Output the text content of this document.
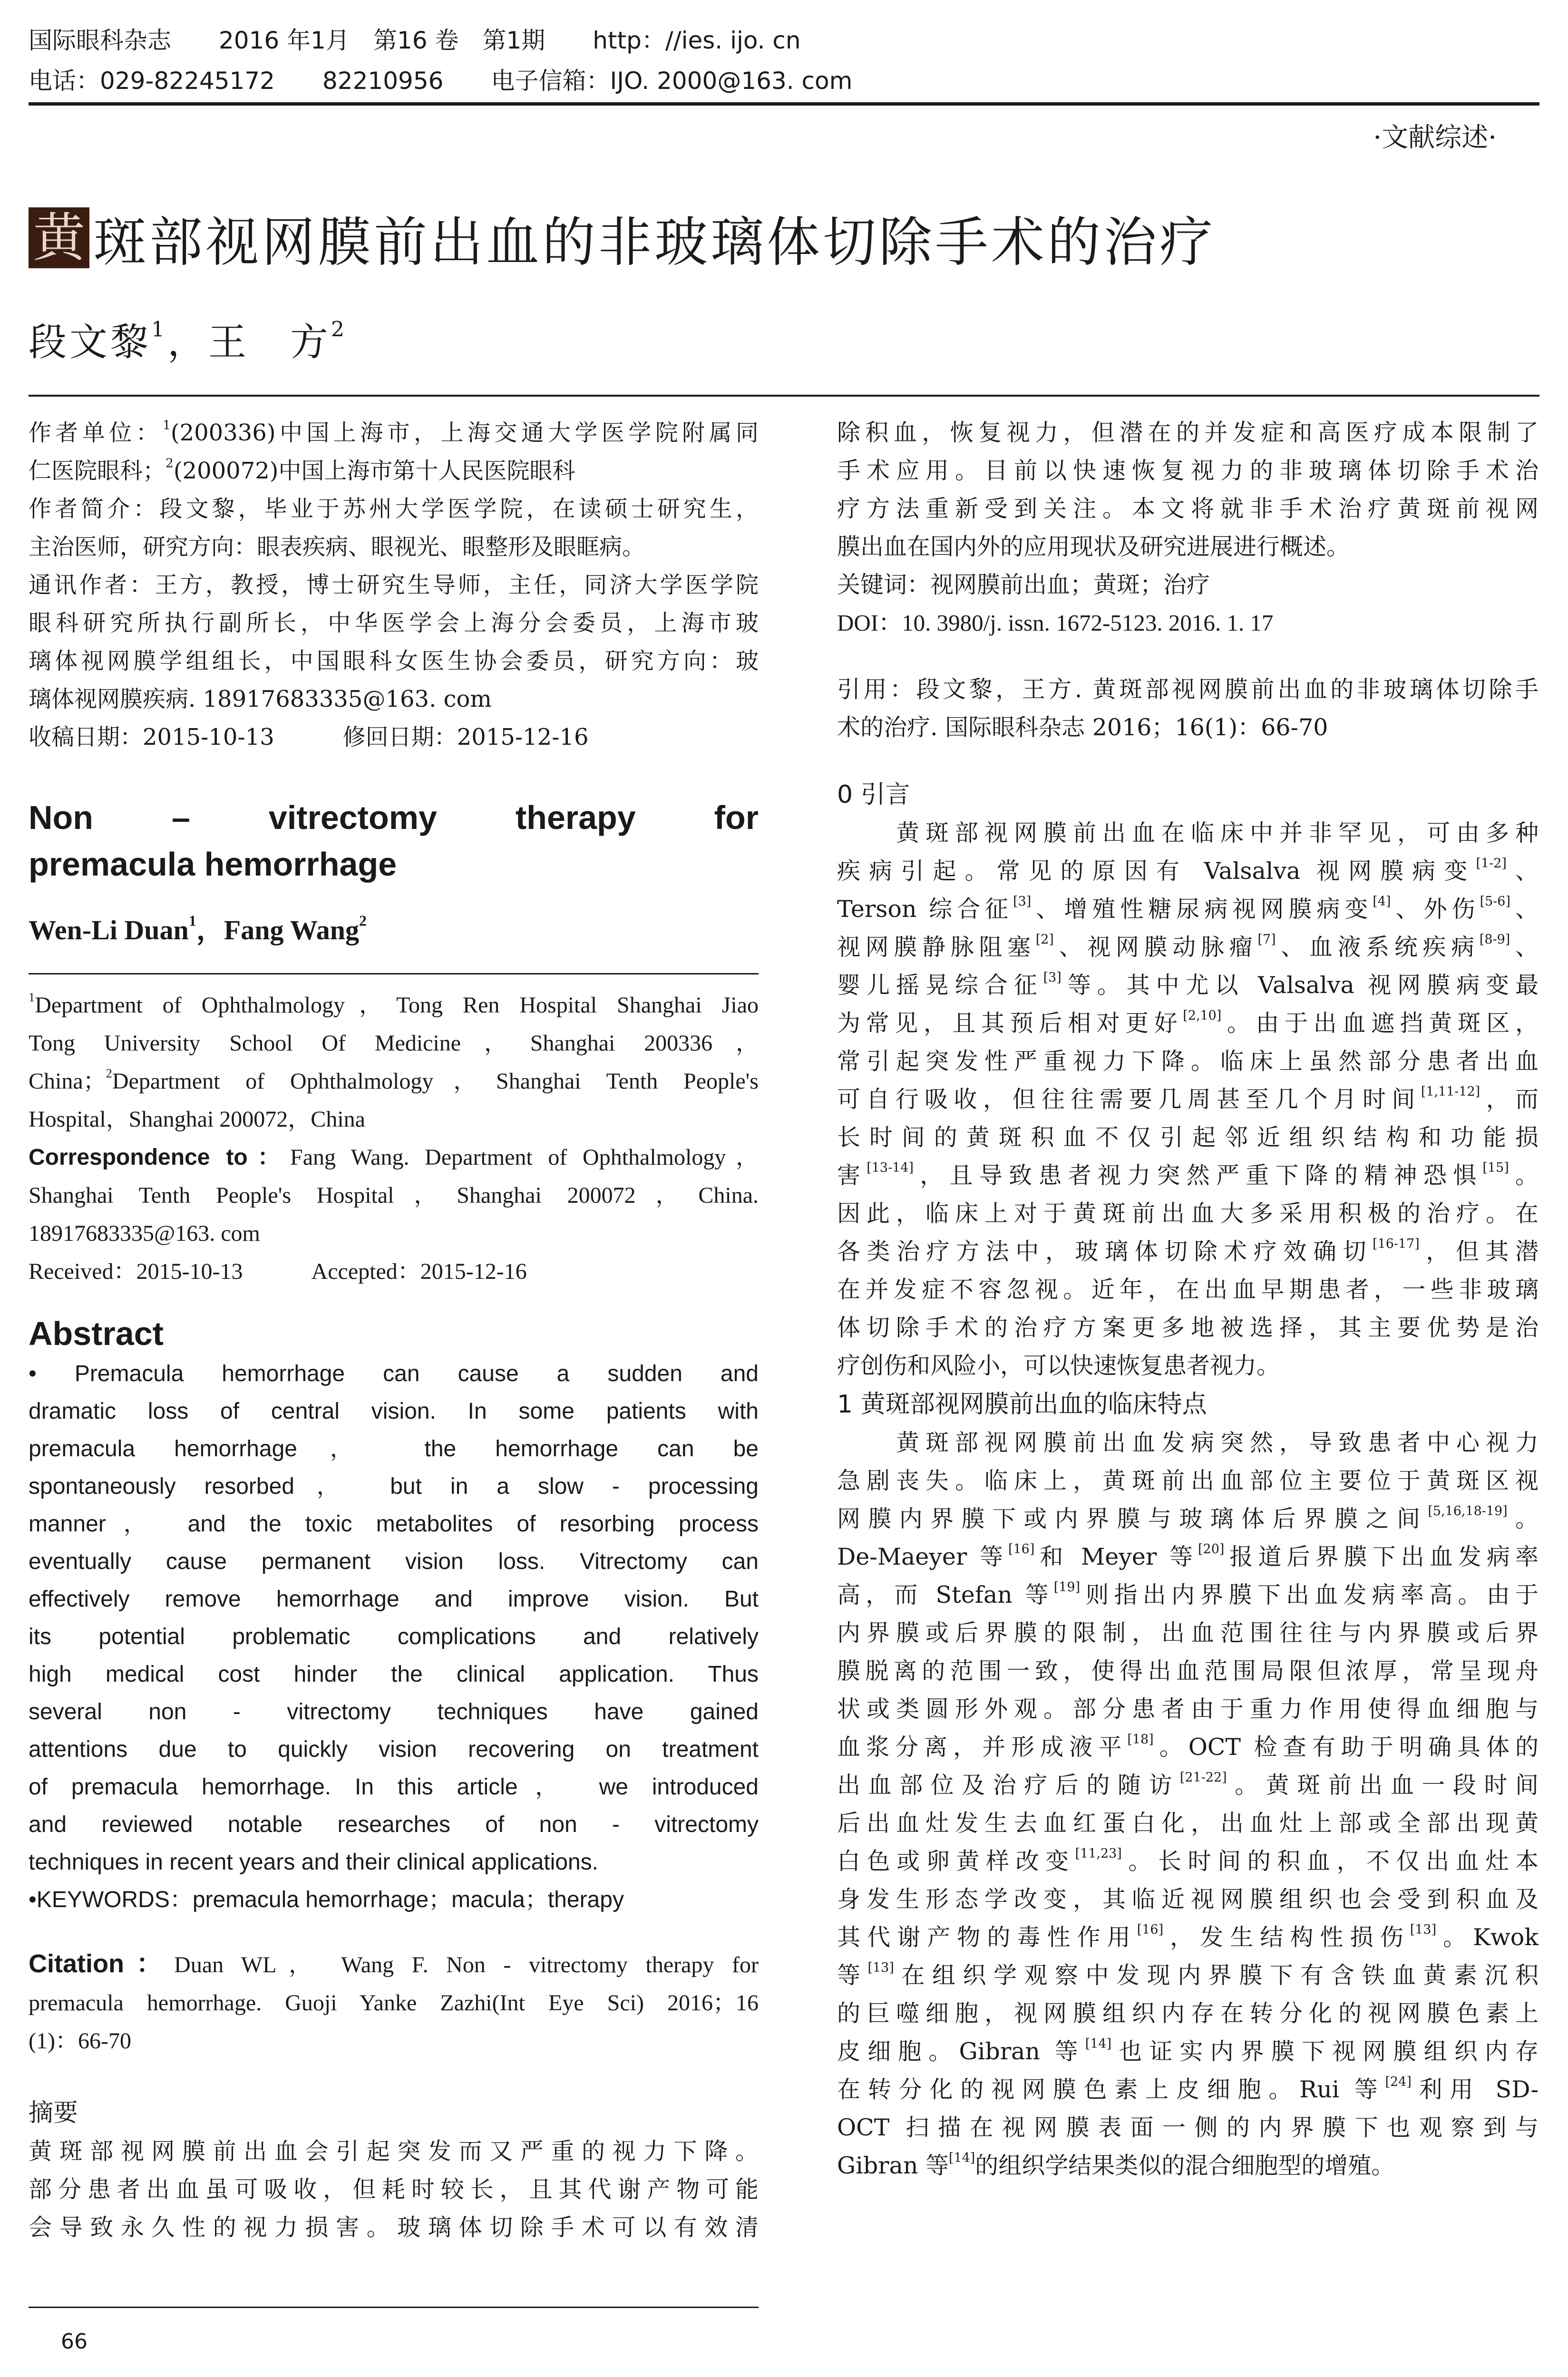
国际眼科杂志　　2016 年1月　第16 卷　第1期　　http：//ies. ijo. cn
电话：029-82245172　　82210956　　电子信箱：IJO. 2000@163. com
·文献综述·
黄 斑部视网膜前出血的非玻璃体切除手术的治疗
段文黎$^1$，王　方$^2$

作者单位：$^1$(200336)中国上海市，上海交通大学医学院附属同

仁医院眼科；$^2$(200072)中国上海市第十人民医院眼科

作者简介：段文黎，毕业于苏州大学医学院，在读硕士研究生，

主治医师，研究方向：眼表疾病、眼视光、眼整形及眼眶病。

通讯作者：王方，教授，博士研究生导师，主任，同济大学医学院

眼科研究所执行副所长，中华医学会上海分会委员，上海市玻

璃体视网膜学组组长，中国眼科女医生协会委员，研究方向：玻

璃体视网膜疾病. 18917683335@163. com

收稿日期：2015-10-13　　　修回日期：2015-12-16

Non　–　vitrectomy　therapy　for

premacula hemorrhage

Wen-Li Duan$^1$，Fang Wang$^2$

$^1$Department of Ophthalmology，Tong Ren Hospital Shanghai Jiao

Tong University School Of Medicine，Shanghai 200336，

China；$^2$Department of Ophthalmology，Shanghai Tenth People's

Hospital，Shanghai 200072，China

Correspondence to：Fang Wang. Department of Ophthalmology，

Shanghai Tenth People's Hospital，Shanghai 200072，China.

18917683335@163. com

Received：2015-10-13　　　Accepted：2015-12-16

Abstract

• Premacula hemorrhage can cause a sudden and

dramatic loss of central vision. In some patients with

premacula hemorrhage， the hemorrhage can be

spontaneously resorbed， but in a slow - processing

manner， and the toxic metabolites of resorbing process

eventually cause permanent vision loss. Vitrectomy can

effectively remove hemorrhage and improve vision. But

its potential problematic complications and relatively

high medical cost hinder the clinical application. Thus

several non - vitrectomy techniques have gained

attentions due to quickly vision recovering on treatment

of premacula hemorrhage. In this article， we introduced

and reviewed notable researches of non - vitrectomy

techniques in recent years and their clinical applications.

•KEYWORDS：premacula hemorrhage；macula；therapy

Citation：Duan WL， Wang F. Non - vitrectomy therapy for

premacula hemorrhage. Guoji Yanke Zazhi(Int Eye Sci) 2016；16

(1)：66-70

摘要

黄斑部视网膜前出血会引起突发而又严重的视力下降。

部分患者出血虽可吸收，但耗时较长，且其代谢产物可能

会导致永久性的视力损害。玻璃体切除手术可以有效清

除积血，恢复视力，但潜在的并发症和高医疗成本限制了

手术应用。目前以快速恢复视力的非玻璃体切除手术治

疗方法重新受到关注。本文将就非手术治疗黄斑前视网

膜出血在国内外的应用现状及研究进展进行概述。

关键词：视网膜前出血；黄斑；治疗

DOI：10. 3980/j. issn. 1672-5123. 2016. 1. 17

引用：段文黎，王方. 黄斑部视网膜前出血的非玻璃体切除手

术的治疗. 国际眼科杂志 2016；16(1)：66-70

0 引言

　　黄斑部视网膜前出血在临床中并非罕见，可由多种

疾病引起。常见的原因有 Valsalva 视网膜病变[1-2]、

Terson 综合征[3]、增殖性糖尿病视网膜病变[4]、外伤[5-6]、

视网膜静脉阻塞[2]、视网膜动脉瘤[7]、血液系统疾病[8-9]、

婴儿摇晃综合征[3]等。其中尤以 Valsalva 视网膜病变最

为常见，且其预后相对更好[2,10]。由于出血遮挡黄斑区，

常引起突发性严重视力下降。临床上虽然部分患者出血

可自行吸收，但往往需要几周甚至几个月时间[1,11-12]，而

长时间的黄斑积血不仅引起邻近组织结构和功能损

害[13-14]，且导致患者视力突然严重下降的精神恐惧[15]。

因此，临床上对于黄斑前出血大多采用积极的治疗。在

各类治疗方法中，玻璃体切除术疗效确切[16-17]，但其潜

在并发症不容忽视。近年，在出血早期患者，一些非玻璃

体切除手术的治疗方案更多地被选择，其主要优势是治

疗创伤和风险小，可以快速恢复患者视力。

1 黄斑部视网膜前出血的临床特点

　　黄斑部视网膜前出血发病突然，导致患者中心视力

急剧丧失。临床上，黄斑前出血部位主要位于黄斑区视

网膜内界膜下或内界膜与玻璃体后界膜之间[5,16,18-19]。

De-Maeyer 等[16]和 Meyer 等[20]报道后界膜下出血发病率

高，而 Stefan 等[19]则指出内界膜下出血发病率高。由于

内界膜或后界膜的限制，出血范围往往与内界膜或后界

膜脱离的范围一致，使得出血范围局限但浓厚，常呈现舟

状或类圆形外观。部分患者由于重力作用使得血细胞与

血浆分离，并形成液平[18]。OCT 检查有助于明确具体的

出血部位及治疗后的随访[21-22]。黄斑前出血一段时间

后出血灶发生去血红蛋白化，出血灶上部或全部出现黄

白色或卵黄样改变[11,23]。长时间的积血，不仅出血灶本

身发生形态学改变，其临近视网膜组织也会受到积血及

其代谢产物的毒性作用[16]，发生结构性损伤[13]。Kwok

等[13]在组织学观察中发现内界膜下有含铁血黄素沉积

的巨噬细胞，视网膜组织内存在转分化的视网膜色素上

皮细胞。Gibran 等[14]也证实内界膜下视网膜组织内存

在转分化的视网膜色素上皮细胞。Rui 等[24]利用 SD-

OCT 扫描在视网膜表面一侧的内界膜下也观察到与

Gibran 等[14]的组织学结果类似的混合细胞型的增殖。

66
